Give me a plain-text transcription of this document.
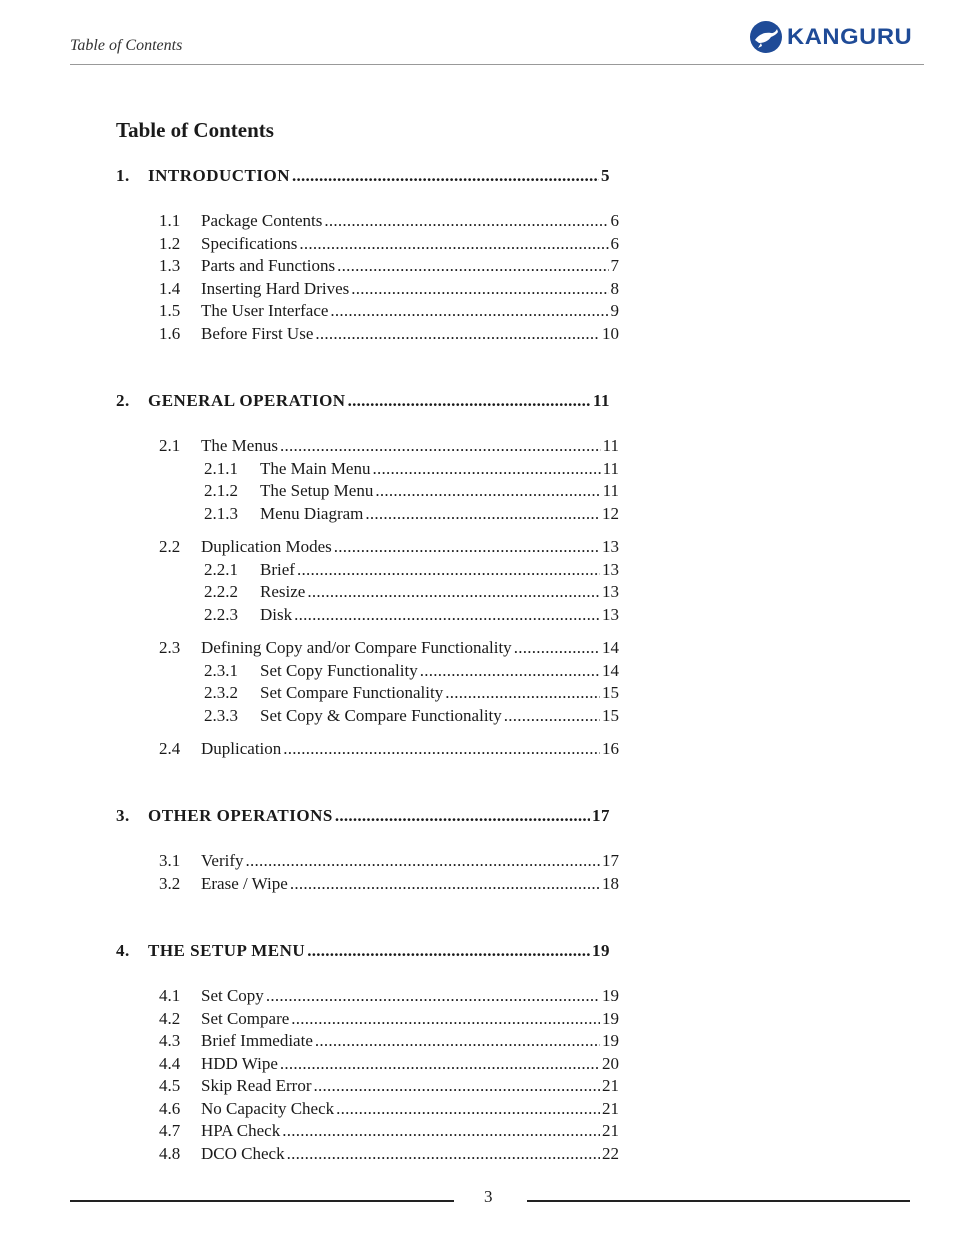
Table of Contents	KANGURU
Table of Contents
1.	INTRODUCTION . . .	5
1.1	Package Contents . . .	6
1.2	Specifications . . .	6
1.3	Parts and Functions . . .	7
1.4	Inserting Hard Drives . . .	8
1.5	The User Interface . . .	9
1.6	Before First Use . . .	10
2.	GENERAL OPERATION . . .	11
2.1	The Menus . . .	11
2.1.1	The Main Menu . . .	11
2.1.2	The Setup Menu . . .	11
2.1.3	Menu Diagram . . .	12
2.2	Duplication Modes . . .	13
2.2.1	Brief . . .	13
2.2.2	Resize . . .	13
2.2.3	Disk . . .	13
2.3	Defining Copy and/or Compare Functionality . . .	14
2.3.1	Set Copy Functionality . . .	14
2.3.2	Set Compare Functionality . . .	15
2.3.3	Set Copy & Compare Functionality . . .	15
2.4	Duplication . . .	16
3.	OTHER OPERATIONS . . .	17
3.1	Verify . . .	17
3.2	Erase / Wipe . . .	18
4.	THE SETUP MENU . . .	19
4.1	Set Copy . . .	19
4.2	Set Compare . . .	19
4.3	Brief Immediate . . .	19
4.4	HDD Wipe . . .	20
4.5	Skip Read Error . . .	21
4.6	No Capacity Check . . .	21
4.7	HPA Check . . .	21
4.8	DCO Check . . .	22
3
